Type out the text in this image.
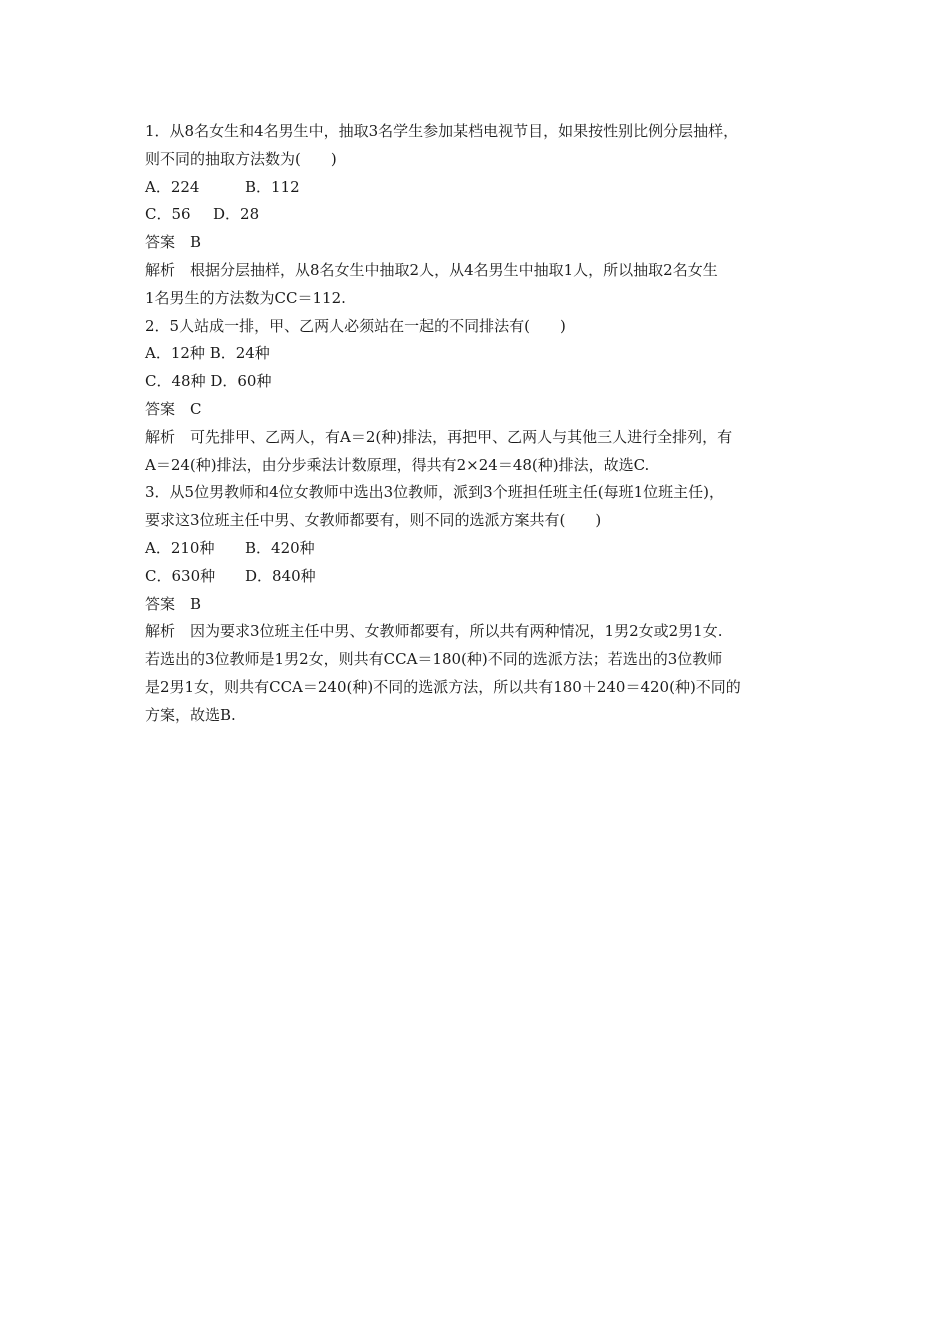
1．从8名女生和4名男生中，抽取3名学生参加某档电视节目，如果按性别比例分层抽样，
则不同的抽取方法数为(　　)
A．224	B．112
C．56 D．28
答案　B
解析　根据分层抽样，从8名女生中抽取2人，从4名男生中抽取1人，所以抽取2名女生
1名男生的方法数为CC＝112.
2．5人站成一排，甲、乙两人必须站在一起的不同排法有(　　)
A．12种 B．24种
C．48种 D．60种
答案　C
解析　可先排甲、乙两人，有A＝2(种)排法，再把甲、乙两人与其他三人进行全排列，有
A＝24(种)排法，由分步乘法计数原理，得共有2×24＝48(种)排法，故选C.
3．从5位男教师和4位女教师中选出3位教师，派到3个班担任班主任(每班1位班主任)，
要求这3位班主任中男、女教师都要有，则不同的选派方案共有(　　)
A．210种 B．420种
C．630种 D．840种
答案　B
解析　因为要求3位班主任中男、女教师都要有，所以共有两种情况，1男2女或2男1女.
若选出的3位教师是1男2女，则共有CCA＝180(种)不同的选派方法；若选出的3位教师
是2男1女，则共有CCA＝240(种)不同的选派方法，所以共有180＋240＝420(种)不同的
方案，故选B.
